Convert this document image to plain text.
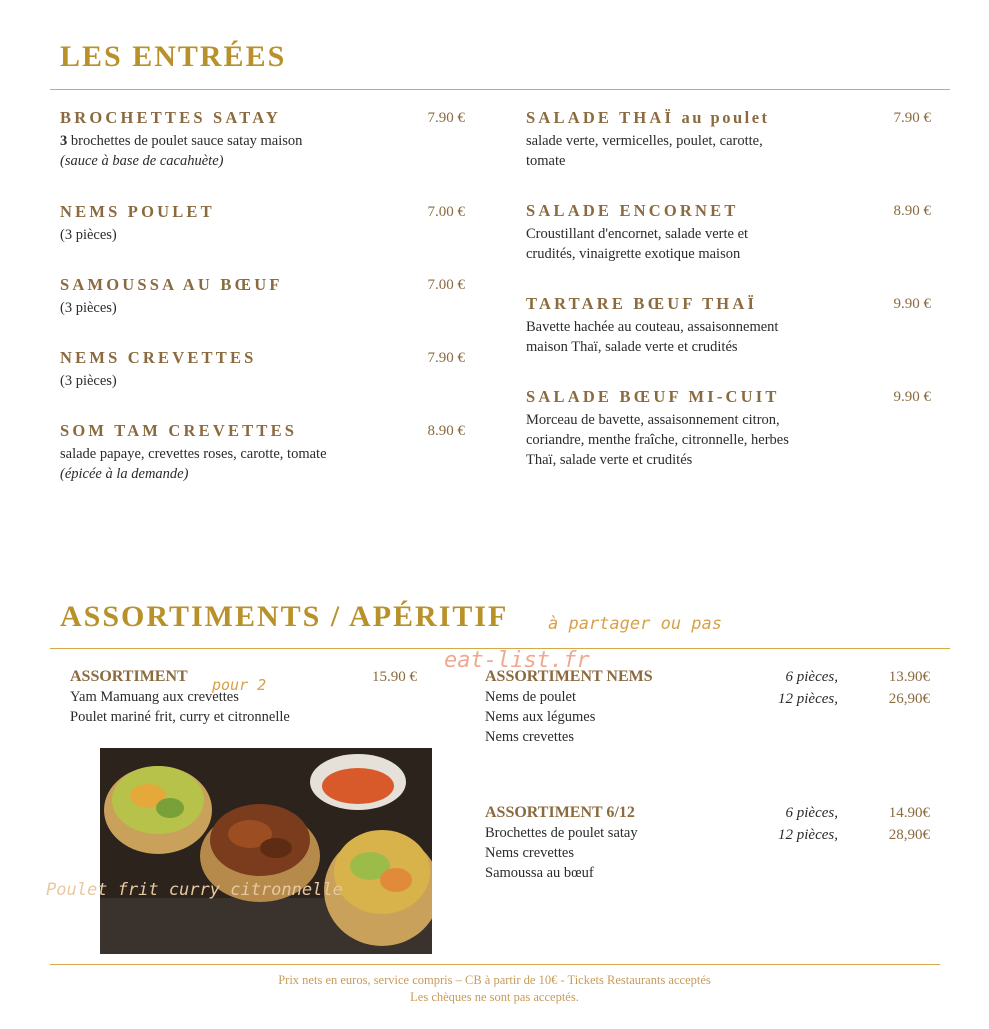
LES ENTRÉES
BROCHETTES SATAY	7.90 €
3 brochettes de poulet sauce satay maison
(sauce à base de cacahuète)
NEMS POULET	7.00 €
(3 pièces)
SAMOUSSA AU BŒUF	7.00 €
(3 pièces)
NEMS CREVETTES	7.90 €
(3 pièces)
SOM TAM CREVETTES	8.90 €
salade papaye, crevettes roses, carotte, tomate
(épicée à la demande)
SALADE THAÏ au poulet	7.90 €
salade verte, vermicelles, poulet, carotte,
tomate
SALADE ENCORNET	8.90 €
Croustillant d'encornet, salade verte et
crudités, vinaigrette exotique maison
TARTARE BŒUF THAÏ	9.90 €
Bavette hachée au couteau, assaisonnement
maison Thaï, salade verte et crudités
SALADE BŒUF MI-CUIT	9.90 €
Morceau de bavette, assaisonnement citron,
coriandre, menthe fraîche, citronnelle, herbes
Thaï, salade verte et crudités
ASSORTIMENTS / APÉRITIF à partager ou pas
eat-list.fr
ASSORTIMENT	pour 2	15.90 €
Yam Mamuang aux crevettes
Poulet mariné frit, curry et citronnelle
Poulet frit curry citronnelle
ASSORTIMENT NEMS
Nems de poulet
Nems aux légumes
Nems crevettes
6 pièces,	13.90€
12 pièces,	26,90€
ASSORTIMENT 6/12
Brochettes de poulet satay
Nems crevettes
Samoussa au bœuf
6 pièces,	14.90€
12 pièces,	28,90€
Prix nets en euros, service compris – CB à partir de 10€ - Tickets Restaurants acceptés
Les chèques ne sont pas acceptés.
